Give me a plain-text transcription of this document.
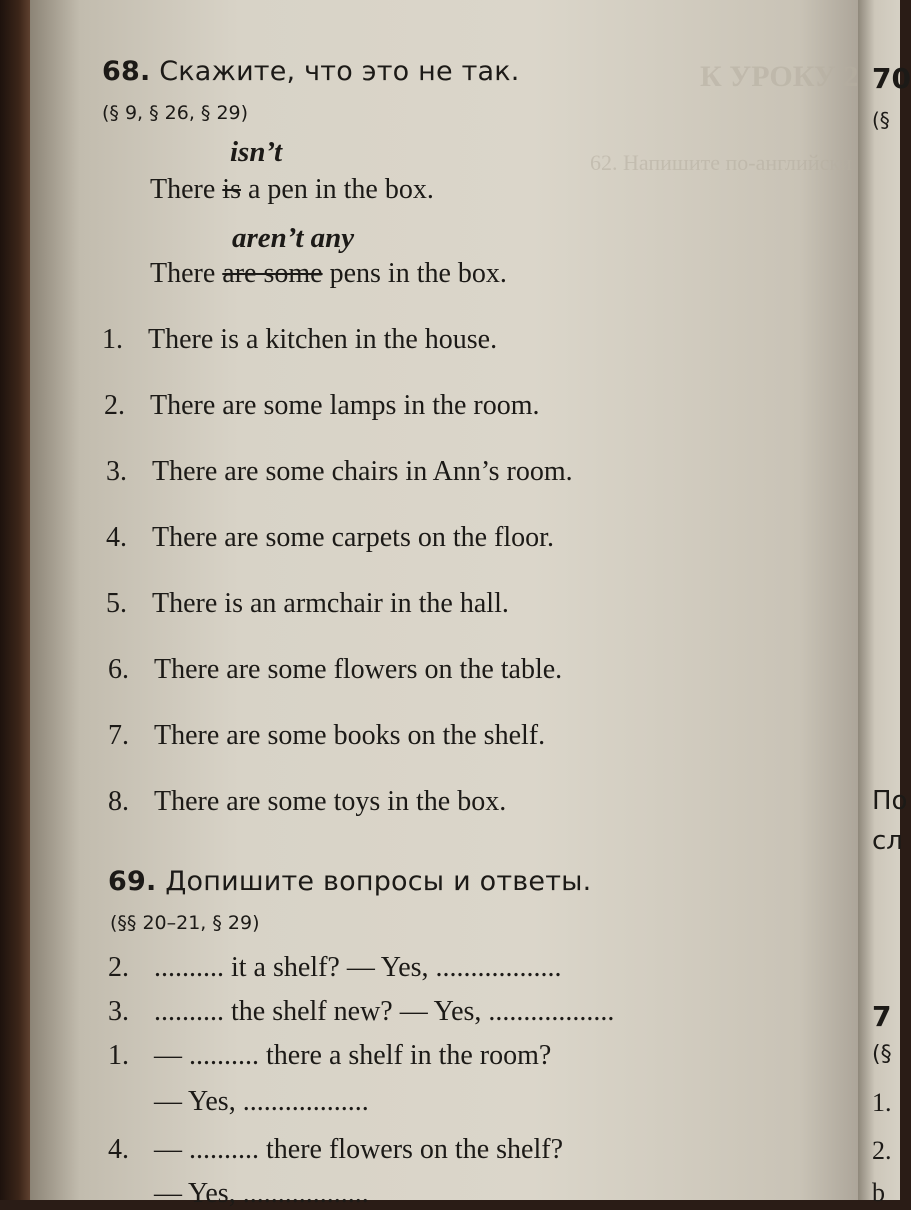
62. Напишите по-английски
К УРОКУ 2
68. Скажите, что это не так.
(§ 9, § 26, § 29)
isn’t
There is a pen in the box.
aren’t any
There are some pens in the box.
1. There is a kitchen in the house.
2. There are some lamps in the room.
3. There are some chairs in Ann’s room.
4. There are some carpets on the floor.
5. There is an armchair in the hall.
6. There are some flowers on the table.
7. There are some books on the shelf.
8. There are some toys in the box.
69. Допишите вопросы и ответы.
(§§ 20–21, § 29)
2. .......... it a shelf? — Yes, ..................
3. .......... the shelf new? — Yes, ..................
1. — .......... there a shelf in the room?
— Yes, ..................
4. — .......... there flowers on the shelf?
— Yes, ..................
70
(§
По
сл
7
(§
1.
2.
b
